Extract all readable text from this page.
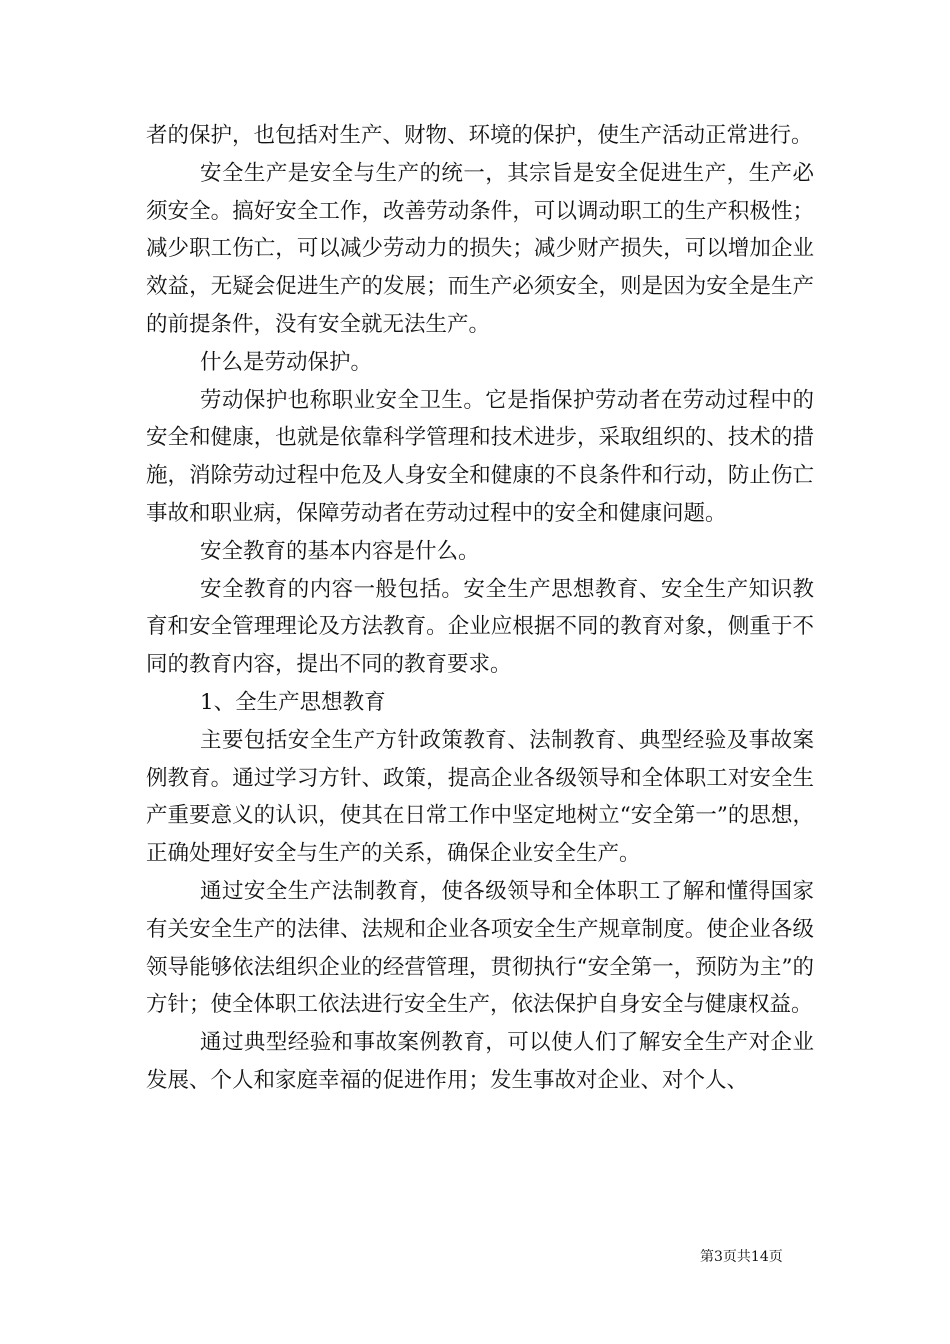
者的保护，也包括对生产、财物、环境的保护，使生产活动正常进行。

安全生产是安全与生产的统一，其宗旨是安全促进生产，生产必须安全。搞好安全工作，改善劳动条件，可以调动职工的生产积极性；减少职工伤亡，可以减少劳动力的损失；减少财产损失，可以增加企业效益，无疑会促进生产的发展；而生产必须安全，则是因为安全是生产的前提条件，没有安全就无法生产。

什么是劳动保护。

劳动保护也称职业安全卫生。它是指保护劳动者在劳动过程中的安全和健康，也就是依靠科学管理和技术进步，采取组织的、技术的措施，消除劳动过程中危及人身安全和健康的不良条件和行动，防止伤亡事故和职业病，保障劳动者在劳动过程中的安全和健康问题。

安全教育的基本内容是什么。

安全教育的内容一般包括。安全生产思想教育、安全生产知识教育和安全管理理论及方法教育。企业应根据不同的教育对象，侧重于不同的教育内容，提出不同的教育要求。

1、全生产思想教育

主要包括安全生产方针政策教育、法制教育、典型经验及事故案例教育。通过学习方针、政策，提高企业各级领导和全体职工对安全生产重要意义的认识，使其在日常工作中坚定地树立“安全第一”的思想，正确处理好安全与生产的关系，确保企业安全生产。

通过安全生产法制教育，使各级领导和全体职工了解和懂得国家有关安全生产的法律、法规和企业各项安全生产规章制度。使企业各级领导能够依法组织企业的经营管理，贯彻执行“安全第一，预防为主”的方针；使全体职工依法进行安全生产，依法保护自身安全与健康权益。

通过典型经验和事故案例教育，可以使人们了解安全生产对企业发展、个人和家庭幸福的促进作用；发生事故对企业、对个人、

第3页共14页
